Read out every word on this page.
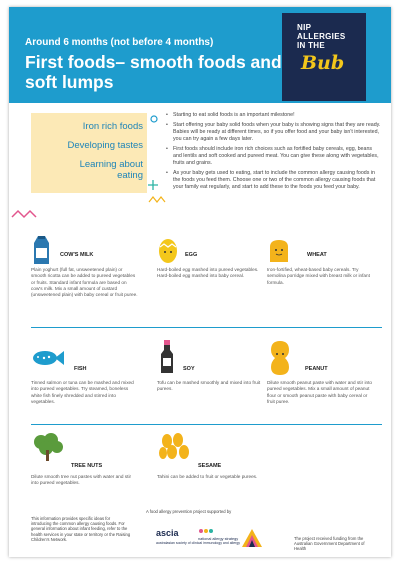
Around 6 months (not before 4 months)
First foods– smooth foods and soft lumps
NIP
ALLERGIES
IN THE
Bub
Iron rich foods
Developing tastes
Learning about eating
• Starting to eat solid foods is an important milestone!
• Start offering your baby solid foods when your baby is showing signs that they are ready. Babies will be ready at different times, so if you offer food and your baby isn't interested, you can try again a few days later.
• First foods should include iron rich choices such as fortified baby cereals, egg, beans and lentils and soft cooked and pureed meat. You can give these along with vegetables, fruits and grains.
• As your baby gets used to eating, start to include the common allergy causing foods in the foods you feed them. Choose one or two of the common allergy causing foods that your family eat regularly, and start to add these to the foods you feed your baby.
COW'S MILK
Plain yoghurt (full fat, unsweetened plain) or smooth ricotta can be added to pureed vegetables or fruits. Standard infant formula are based on cow's milk. Mix a small amount of custard (unsweetened plain) with baby cereal or fruit puree.
EGG
Hard-boiled egg mashed into pureed vegetables. Hard-boiled egg mashed into baby cereal.
WHEAT
Iron-fortified, wheat-based baby cereals. Try semolina porridge mixed with breast milk or infant formula.
FISH
Tinned salmon or tuna can be mashed and mixed into pureed vegetables. Try steamed, boneless white fish finely shredded and stirred into vegetables.
SOY
Tofu can be mashed smoothly and mixed into fruit purees.
PEANUT
Dilute smooth peanut paste with water and stir into pureed vegetables. Mix a small amount of peanut flour or smooth peanut paste with baby cereal or fruit puree.
TREE NUTS
Dilute smooth tree nut pastes with water and stir into pureed vegetables.
SESAME
Tahini can be added to fruit or vegetable purees.
This information provides specific ideas for introducing the common allergy causing foods. For general information about infant feeding, refer to the health services in your state or territory or the Raising Children's Network.
A food allergy prevention project supported by
ascia
australasian society of clinical immunology and allergy
national allergy strategy	The project received funding from the Australian Government Department of Health
